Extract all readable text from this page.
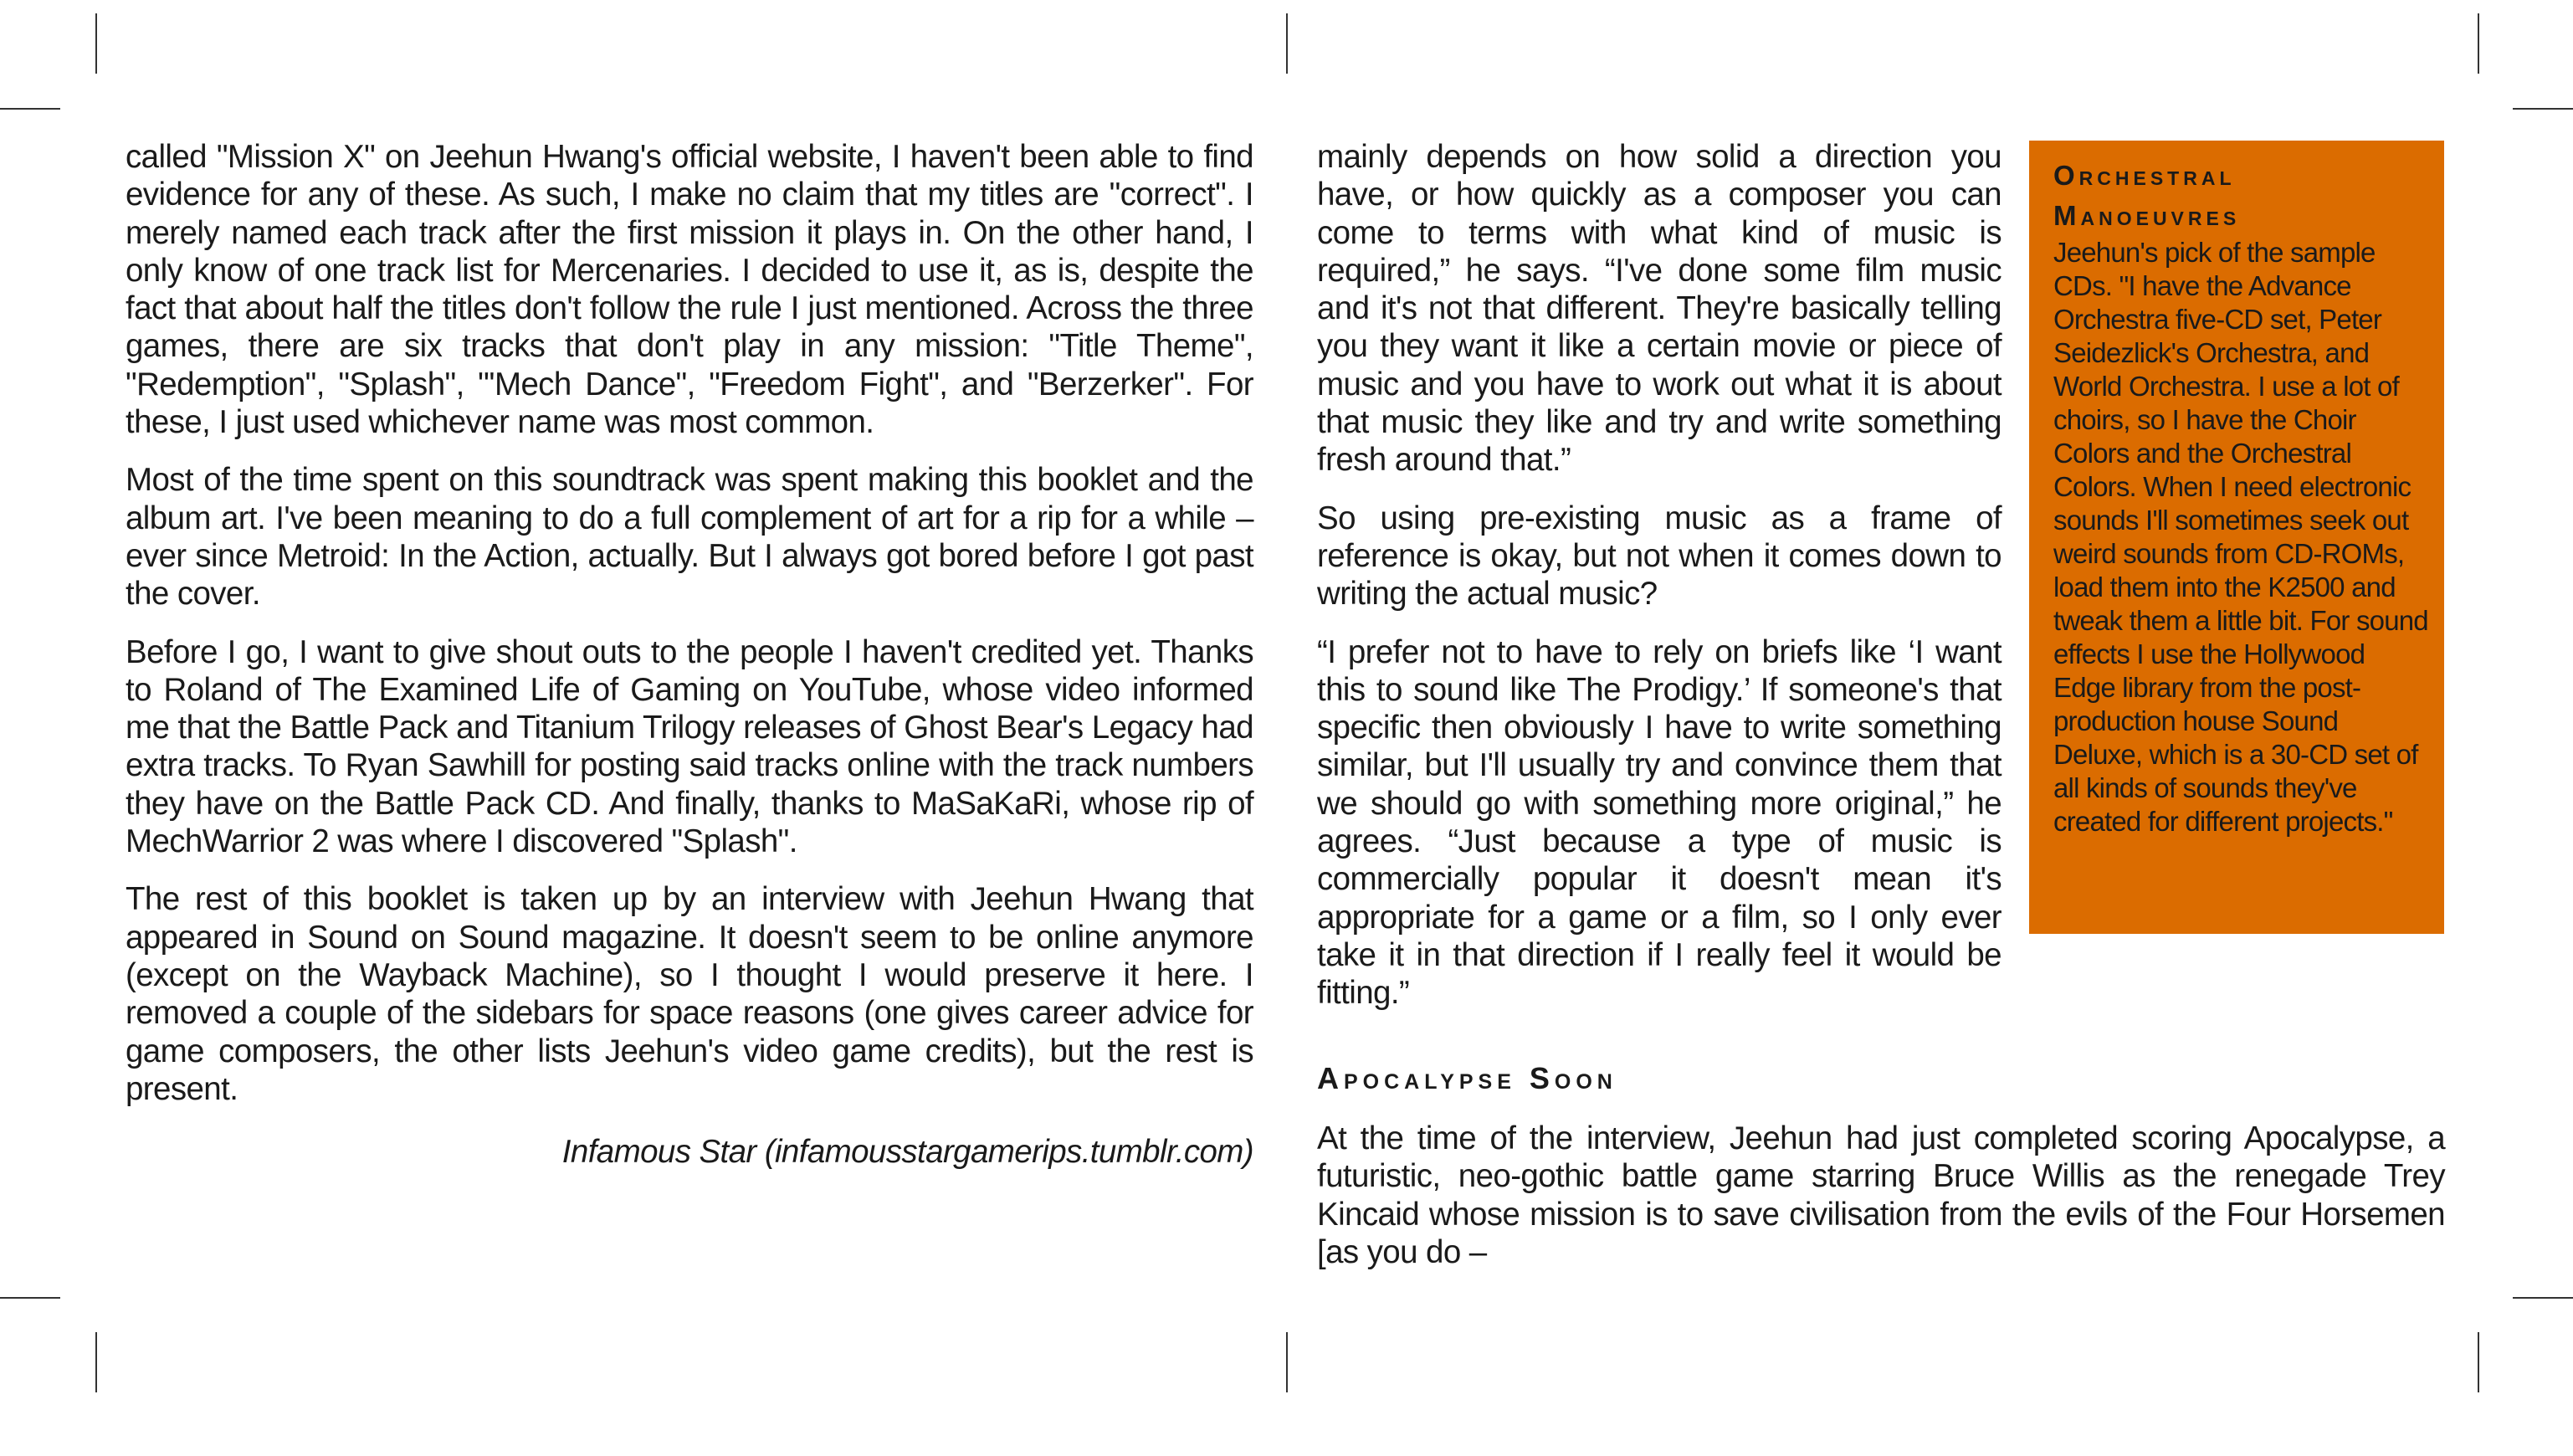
called "Mission X" on Jeehun Hwang's official website, I haven't been able to find evidence for any of these. As such, I make no claim that my titles are "correct". I merely named each track after the first mission it plays in. On the other hand, I only know of one track list for Mercenaries. I decided to use it, as is, despite the fact that about half the titles don't follow the rule I just mentioned. Across the three games, there are six tracks that don't play in any mission: "Title Theme", "Redemption", "Splash", "'Mech Dance", "Freedom Fight", and "Berzerker". For these, I just used whichever name was most common.

Most of the time spent on this soundtrack was spent making this booklet and the album art. I've been meaning to do a full complement of art for a rip for a while – ever since Metroid: In the Action, actually. But I always got bored before I got past the cover.

Before I go, I want to give shout outs to the people I haven't credited yet. Thanks to Roland of The Examined Life of Gaming on YouTube, whose video informed me that the Battle Pack and Titanium Trilogy releases of Ghost Bear's Legacy had extra tracks. To Ryan Sawhill for posting said tracks online with the track numbers they have on the Battle Pack CD. And finally, thanks to MaSaKaRi, whose rip of MechWarrior 2 was where I discovered "Splash".

The rest of this booklet is taken up by an interview with Jeehun Hwang that appeared in Sound on Sound magazine. It doesn't seem to be online anymore (except on the Wayback Machine), so I thought I would preserve it here. I removed a couple of the sidebars for space reasons (one gives career advice for game composers, the other lists Jeehun's video game credits), but the rest is present.

Infamous Star (infamousstargamerips.tumblr.com)

mainly depends on how solid a direction you have, or how quickly as a composer you can come to terms with what kind of music is required,” he says. “I've done some film music and it's not that different. They're basically telling you they want it like a certain movie or piece of music and you have to work out what it is about that music they like and try and write something fresh around that.”

So using pre-existing music as a frame of reference is okay, but not when it comes down to writing the actual music?

“I prefer not to have to rely on briefs like ‘I want this to sound like The Prodigy.’ If someone's that specific then obviously I have to write something similar, but I'll usually try and convince them that we should go with something more original,” he agrees. “Just because a type of music is commercially popular it doesn't mean it's appropriate for a game or a film, so I only ever take it in that direction if I really feel it would be fitting.”

Apocalypse Soon

At the time of the interview, Jeehun had just completed scoring Apocalypse, a futuristic, neo-gothic battle game starring Bruce Willis as the renegade Trey Kincaid whose mission is to save civilisation from the evils of the Four Horsemen [as you do –

Orchestral Manoeuvres

Jeehun's pick of the sample CDs. "I have the Advance Orchestra five-CD set, Peter Seidezlick's Orchestra, and World Orchestra. I use a lot of choirs, so I have the Choir Colors and the Orchestral Colors. When I need electronic sounds I'll sometimes seek out weird sounds from CD-ROMs, load them into the K2500 and tweak them a little bit. For sound effects I use the Hollywood Edge library from the post-production house Sound Deluxe, which is a 30-CD set of all kinds of sounds they've created for different projects."
